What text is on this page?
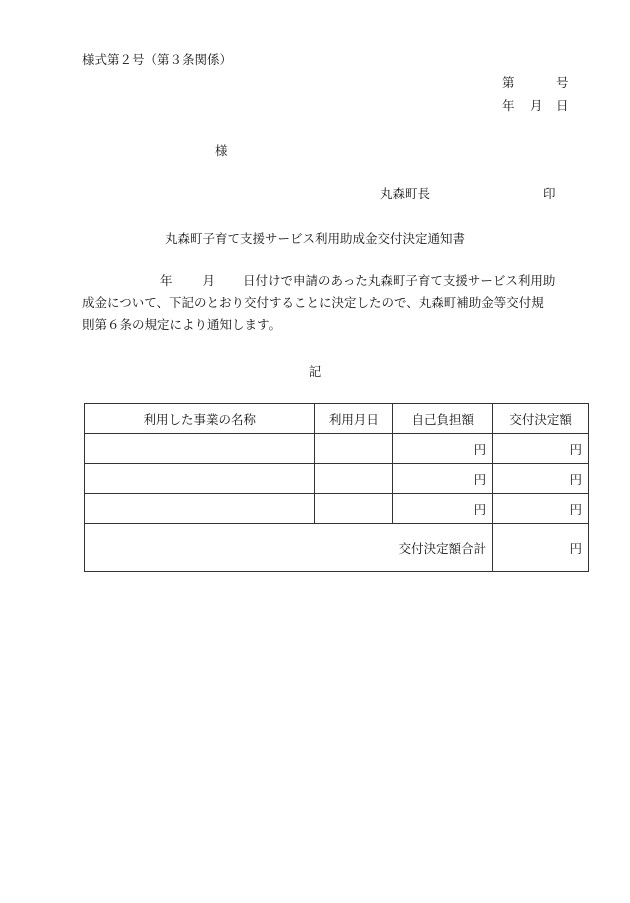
様式第２号（第３条関係）
第	号
年 月 日
様
丸森町長	印
丸森町子育て支援サービス利用助成金交付決定通知書
年 月 日付けで申請のあった丸森町子育て支援サービス利用助
成金について、下記のとおり交付することに決定したので、丸森町補助金等交付規
則第６条の規定により通知します。
記
利用した事業の名称	利用月日	自己負担額	交付決定額
		円	円
		円	円
		円	円
交付決定額合計			円
